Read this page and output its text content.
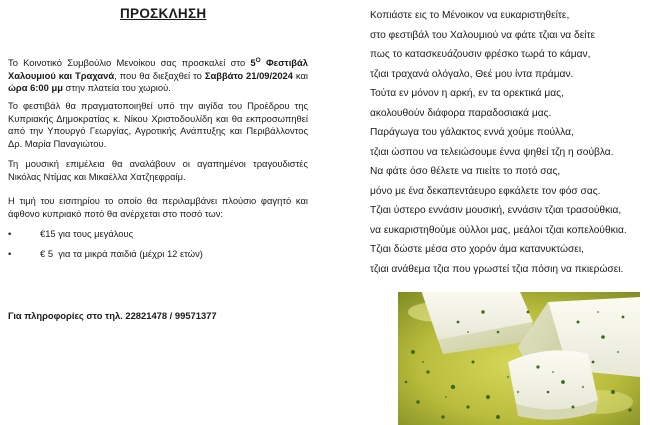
ΠΡΟΣΚΛΗΣΗ

Το Κοινοτικό Συμβούλιο Μενοίκου σας προσκαλεί στο $5^O$ Φεστιβάλ Χαλουμιού και Τραχανά, που θα διεξαχθεί το Σαββάτο 21/09/2024 και ώρα 6:00 μμ στην πλατεία του χωριού.

Το φεστιβάλ θα πραγματοποιηθεί υπό την αιγίδα του Προέδρου της Κυπριακής Δημοκρατίας κ. Νίκου Χριστοδουλίδη και θα εκπροσωπηθεί από την Υπουργό Γεωργίας, Αγροτικής Ανάπτυξης και Περιβάλλοντος Δρ. Μαρία Παναγιώτου.

Τη μουσική επιμέλεια θα αναλάβουν οι αγαπημένοι τραγουδιστές Νικόλας Ντίμας και Μικαέλλα Χατζηεφραίμ.

Η τιμή του εισιτηρίου το οποίο θα περιλαμβάνει πλούσιο φαγητό και άφθονο κυπριακό ποτό θα ανέρχεται στο ποσό των:

•	€15 για τους μεγάλους
•	€ 5  για τα μικρά παιδιά (μέχρι 12 ετών)
Για πληροφορίες στο τηλ. 22821478 / 99571377
Κοπιάστε εις το Μένοικον να ευκαριστηθείτε,
στο φεστιβάλ του Χαλουμιού να φάτε τζιαι να δείτε
πως το κατασκευάζουσιν φρέσκο τωρά το κάμαν,
τζιαι τραχανά ολόγαλο, Θεέ μου ίντα πράμαν.
Τούτα εν μόνον η αρκή, εν τα ορεκτικά μας,
ακολουθούν διάφορα παραδοσιακά μας.
Παράγωγα του γάλακτος εννά χούμε πούλλα,
τζιαι ώσπου να τελειώσουμε έννα ψηθεί τζη η σούβλα.
Να φάτε όσο θέλετε να πιείτε το ποτό σας,
μόνο με ένα δεκαπεντάευρο εφκάλετε τον φόσ σας.
Τζιαι ύστερο εννάσιν μουσική, εννάσιν τζιαι τρασούθκια,
να ευκαριστηθούμε ούλλοι μας, μεάλοι τζιαι κοπελούθκια.
Τζιαι δώστε μέσα στο χορόν άμα κατανυκτώσει,
τζιαι ανάθεμα τζια που γρωστεί τζια πόσιη να πκιερώσει.
